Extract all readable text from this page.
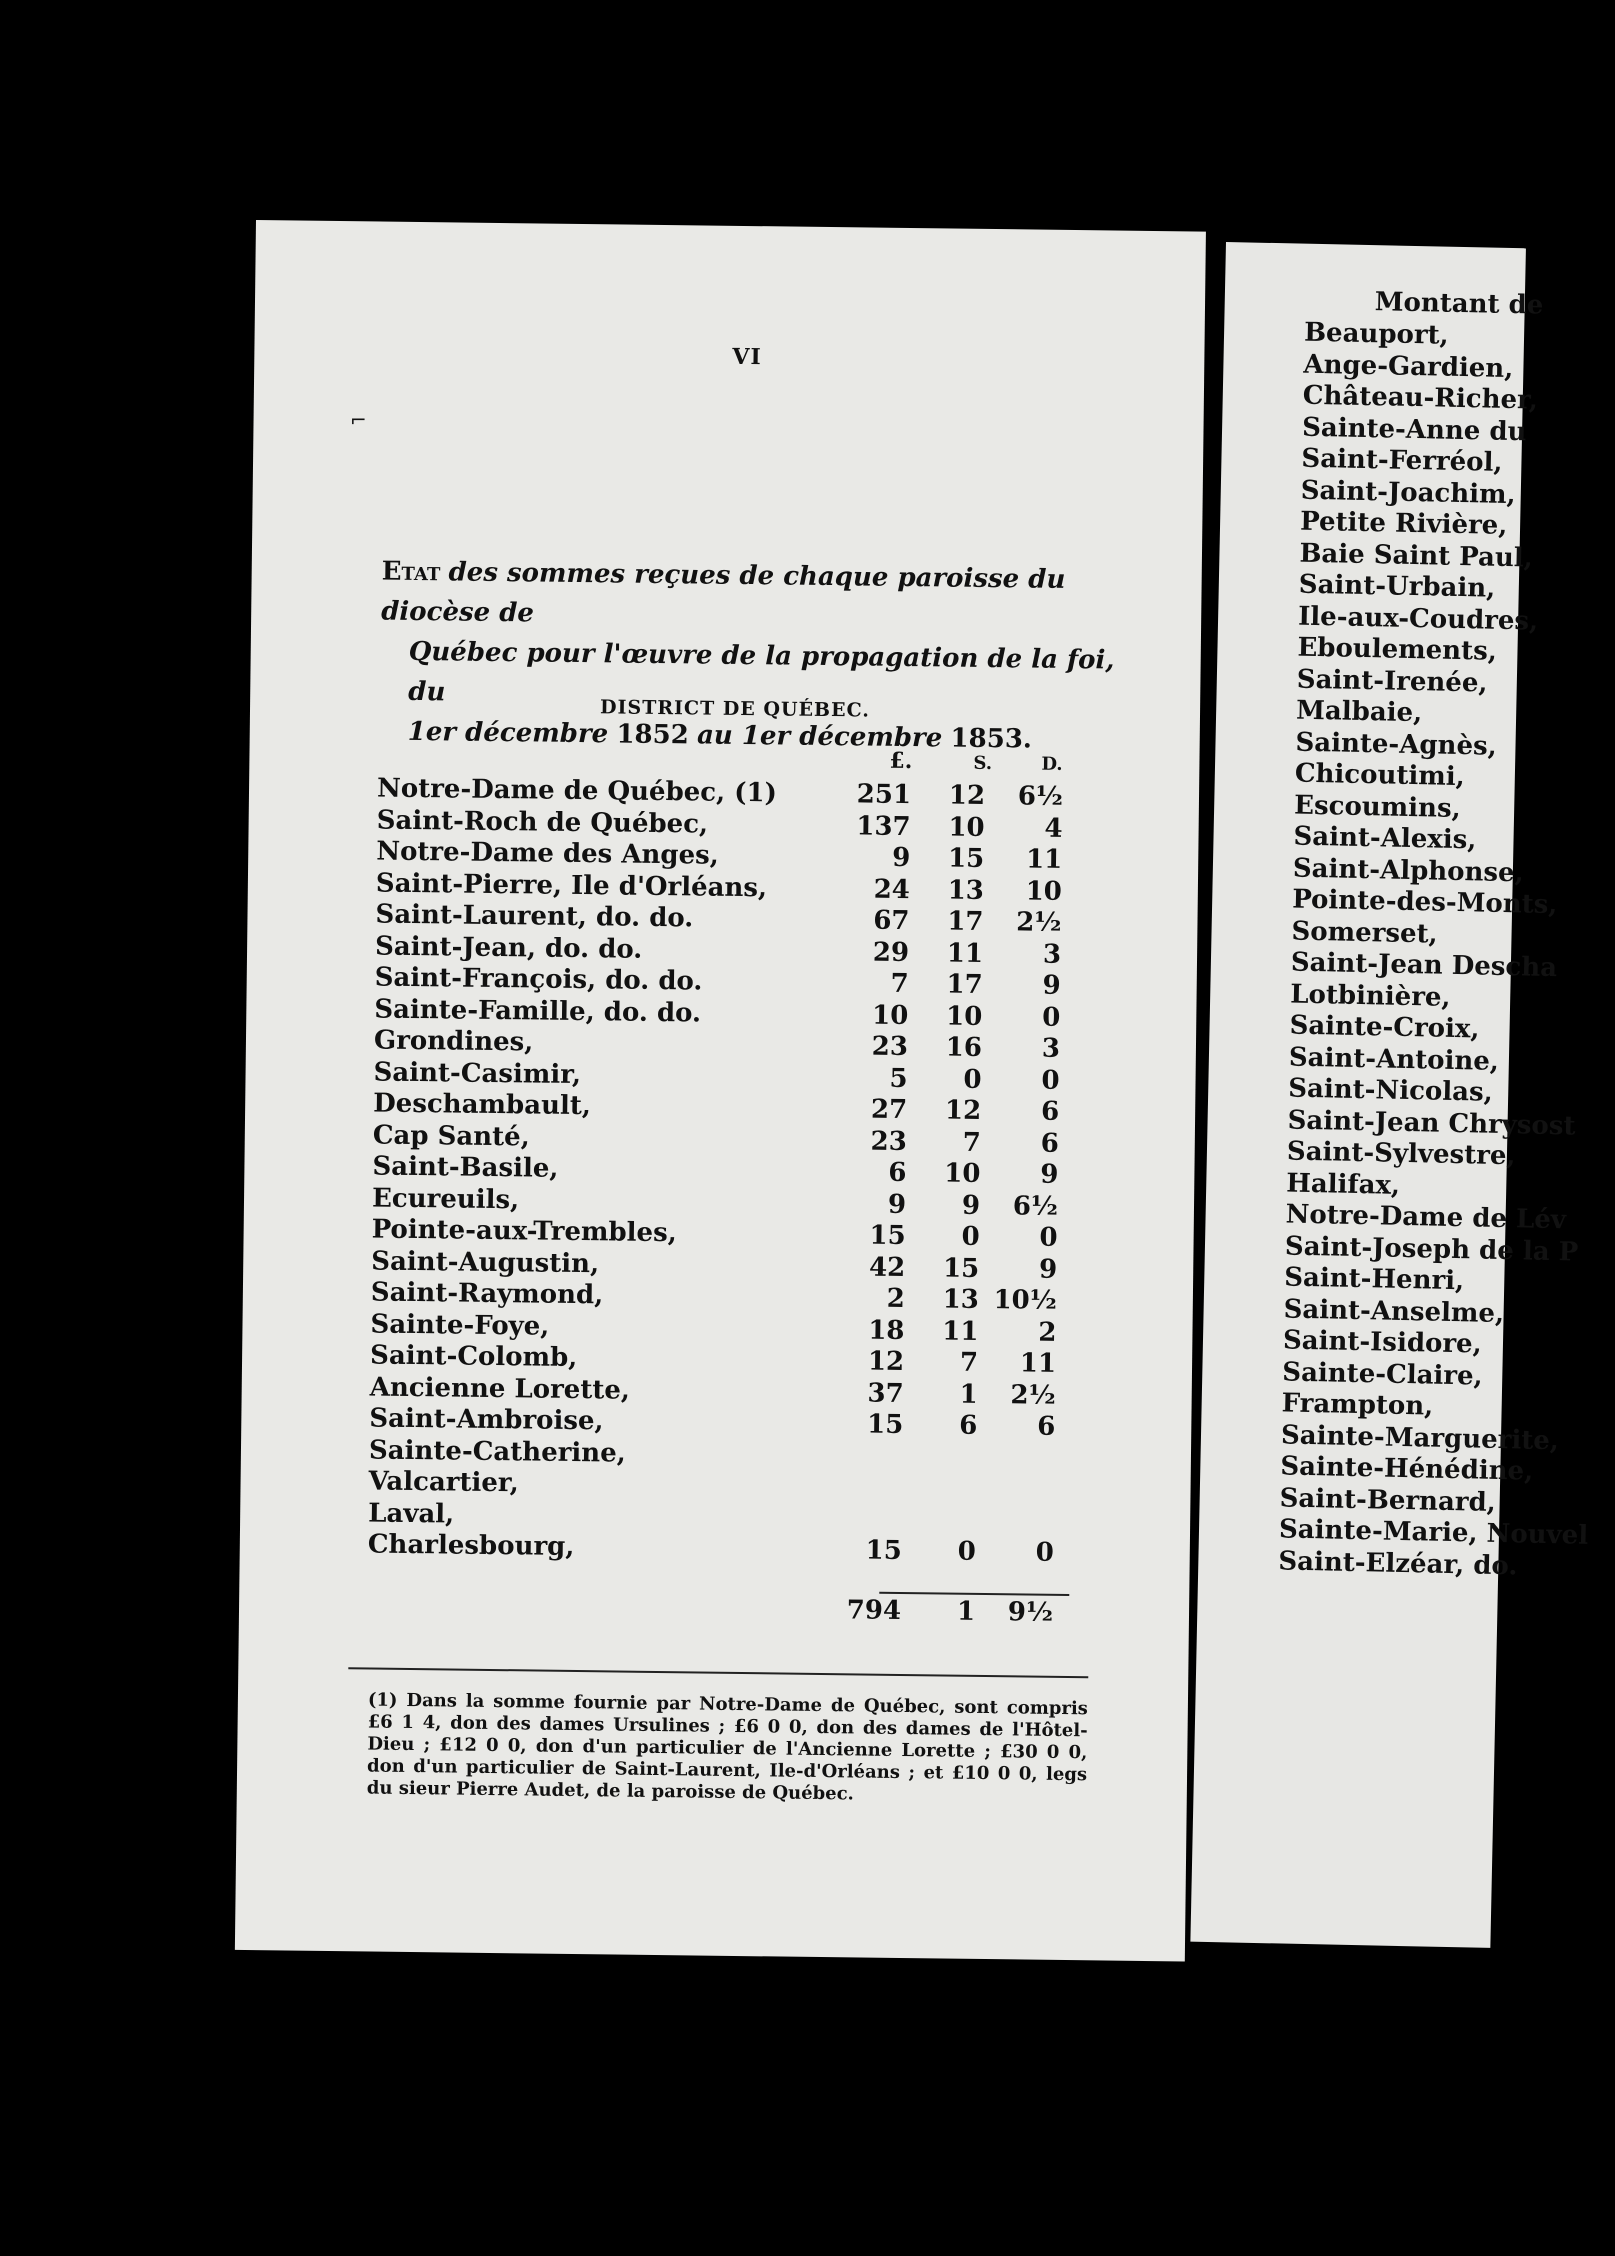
VI
Etat des sommes reçues de chaque paroisse du diocèse de
Québec pour l'œuvre de la propagation de la foi, du
1er décembre 1852 au 1er décembre 1853.
DISTRICT DE QUÉBEC.
£.	S.	D.
Notre-Dame de Québec, (1)	251 12 6½
Saint-Roch de Québec,	137 10 4
Notre-Dame des Anges,	9 15 11
Saint-Pierre, Ile d'Orléans,	24 13 10
Saint-Laurent, do. do.	67 17 2½
Saint-Jean, do. do.	29 11 3
Saint-François, do. do.	7 17 9
Sainte-Famille, do. do.	10 10 0
Grondines,	23 16 3
Saint-Casimir,	5 0 0
Deschambault,	27 12 6
Cap Santé,	23 7 6
Saint-Basile,	6 10 9
Ecureuils,	9 9 6½
Pointe-aux-Trembles,	15 0 0
Saint-Augustin,	42 15 9
Saint-Raymond,	2 13 10½
Sainte-Foye,	18 11 2
Saint-Colomb,	12 7 11
Ancienne Lorette,	37 1 2½
Saint-Ambroise,	15 6 6
Sainte-Catherine,
Valcartier,
Laval,
Charlesbourg,	15 0 0
794 1 9½
(1) Dans la somme fournie par Notre-Dame de Québec, sont compris £6 1 4, don des dames Ursulines ; £6 0 0, don des dames de l'Hôtel-Dieu ; £12 0 0, don d'un particulier de l'Ancienne Lorette ; £30 0 0, don d'un particulier de Saint-Laurent, Ile-d'Orléans ; et £10 0 0, legs du sieur Pierre Audet, de la paroisse de Québec.
Montant de
Beauport,
Ange-Gardien,
Château-Richer,
Sainte-Anne du
Saint-Ferréol,
Saint-Joachim,
Petite Rivière,
Baie Saint Paul,
Saint-Urbain,
Ile-aux-Coudres,
Eboulements,
Saint-Irenée,
Malbaie,
Sainte-Agnès,
Chicoutimi,
Escoumins,
Saint-Alexis,
Saint-Alphonse,
Pointe-des-Monts,
Somerset,
Saint-Jean Descha
Lotbinière,
Sainte-Croix,
Saint-Antoine,
Saint-Nicolas,
Saint-Jean Chrysost
Saint-Sylvestre,
Halifax,
Notre-Dame de Lév
Saint-Joseph de la P
Saint-Henri,
Saint-Anselme,
Saint-Isidore,
Sainte-Claire,
Frampton,
Sainte-Marguerite,
Sainte-Hénédine,
Saint-Bernard,
Sainte-Marie, Nouvel
Saint-Elzéar, do.
⌐
